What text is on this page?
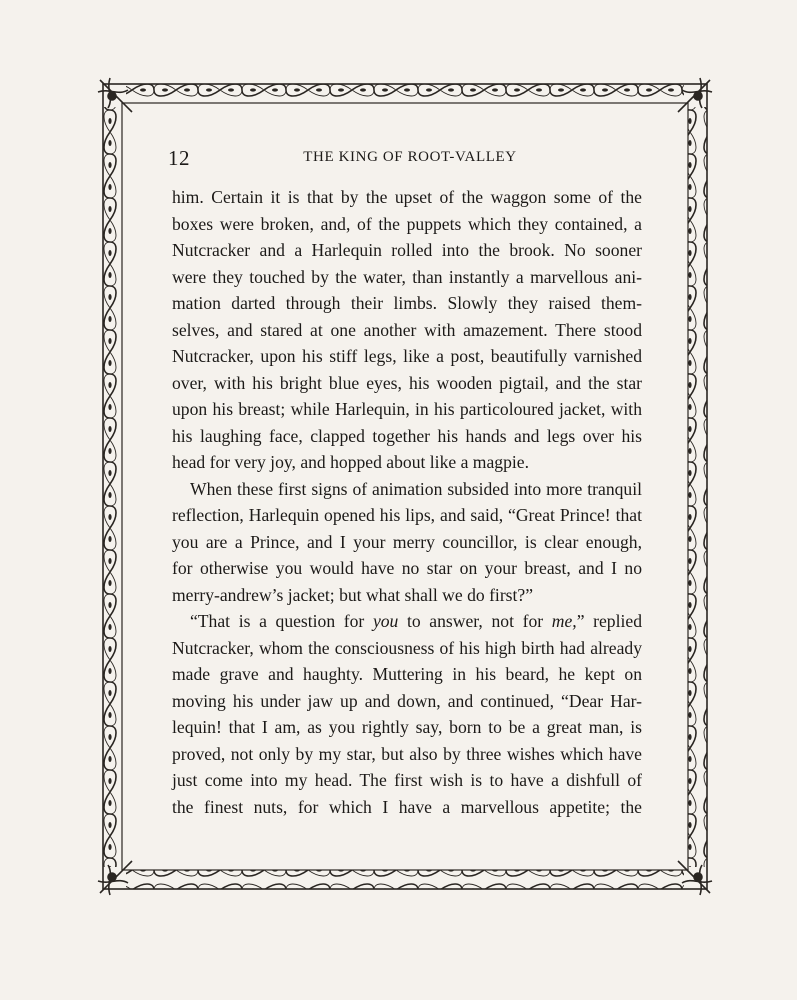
12	THE KING OF ROOT-VALLEY
him. Certain it is that by the upset of the waggon some of the
boxes were broken, and, of the puppets which they contained, a
Nutcracker and a Harlequin rolled into the brook. No sooner
were they touched by the water, than instantly a marvellous ani-
mation darted through their limbs. Slowly they raised them-
selves, and stared at one another with amazement. There stood
Nutcracker, upon his stiff legs, like a post, beautifully varnished
over, with his bright blue eyes, his wooden pigtail, and the star
upon his breast; while Harlequin, in his particoloured jacket, with
his laughing face, clapped together his hands and legs over his
head for very joy, and hopped about like a magpie.
When these first signs of animation subsided into more tranquil
reflection, Harlequin opened his lips, and said, “Great Prince! that
you are a Prince, and I your merry councillor, is clear enough,
for otherwise you would have no star on your breast, and I no
merry-andrew’s jacket; but what shall we do first?”
“That is a question for you to answer, not for me,” replied
Nutcracker, whom the consciousness of his high birth had already
made grave and haughty. Muttering in his beard, he kept on
moving his under jaw up and down, and continued, “Dear Har-
lequin! that I am, as you rightly say, born to be a great man, is
proved, not only by my star, but also by three wishes which have
just come into my head. The first wish is to have a dishfull of
the finest nuts, for which I have a marvellous appetite; the
